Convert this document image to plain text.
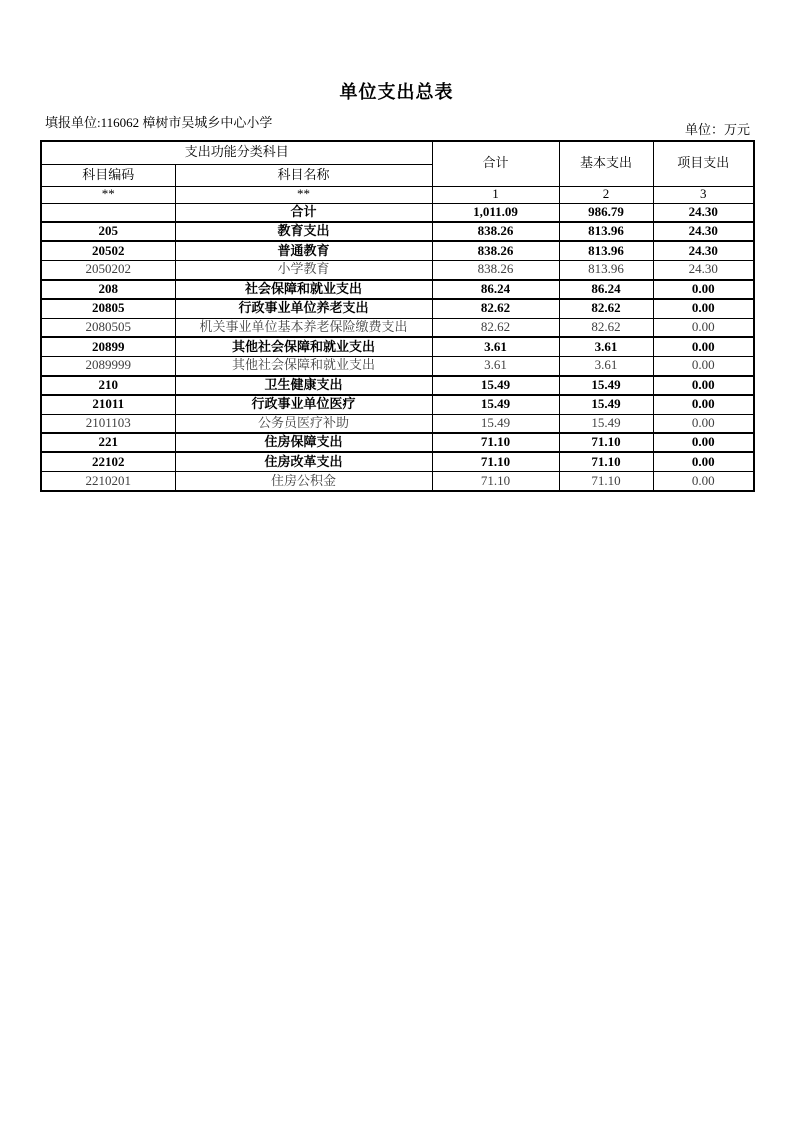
单位支出总表
填报单位:116062 樟树市吴城乡中心小学	单位：万元
支出功能分类科目		合计	基本支出	项目支出
科目编码	科目名称			
**	**	1	2	3
	合计	1,011.09	986.79	24.30
205	教育支出	838.26	813.96	24.30
20502	普通教育	838.26	813.96	24.30
2050202	小学教育	838.26	813.96	24.30
208	社会保障和就业支出	86.24	86.24	0.00
20805	行政事业单位养老支出	82.62	82.62	0.00
2080505	机关事业单位基本养老保险缴费支出	82.62	82.62	0.00
20899	其他社会保障和就业支出	3.61	3.61	0.00
2089999	其他社会保障和就业支出	3.61	3.61	0.00
210	卫生健康支出	15.49	15.49	0.00
21011	行政事业单位医疗	15.49	15.49	0.00
2101103	公务员医疗补助	15.49	15.49	0.00
221	住房保障支出	71.10	71.10	0.00
22102	住房改革支出	71.10	71.10	0.00
2210201	住房公积金	71.10	71.10	0.00
